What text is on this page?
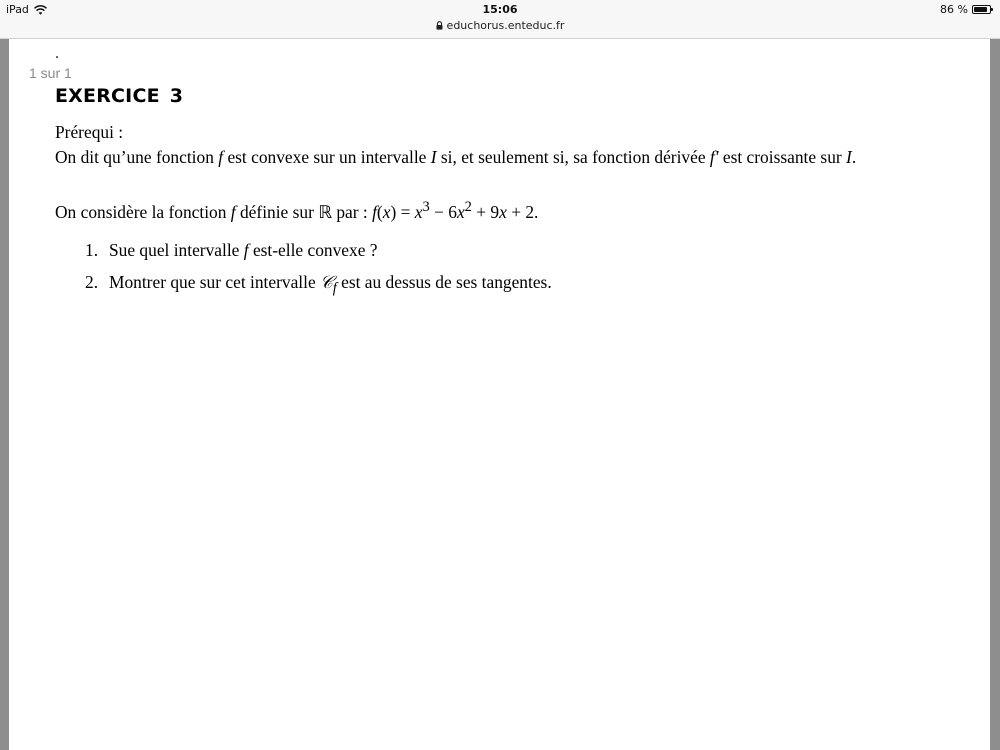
iPad	15:06	86 %
educhorus.enteduc.fr
.
1 sur 1
EXERCICE 3
Prérequi :
On dit qu’une fonction f est convexe sur un intervalle I si, et seulement si, sa fonction dérivée f′ est croissante sur I.
On considère la fonction f définie sur ℝ par : $f(x) = x^3 - 6x^2 + 9x + 2$.
1. Sue quel intervalle f est-elle convexe ?
2. Montrer que sur cet intervalle 𝒞$_f$ est au dessus de ses tangentes.
